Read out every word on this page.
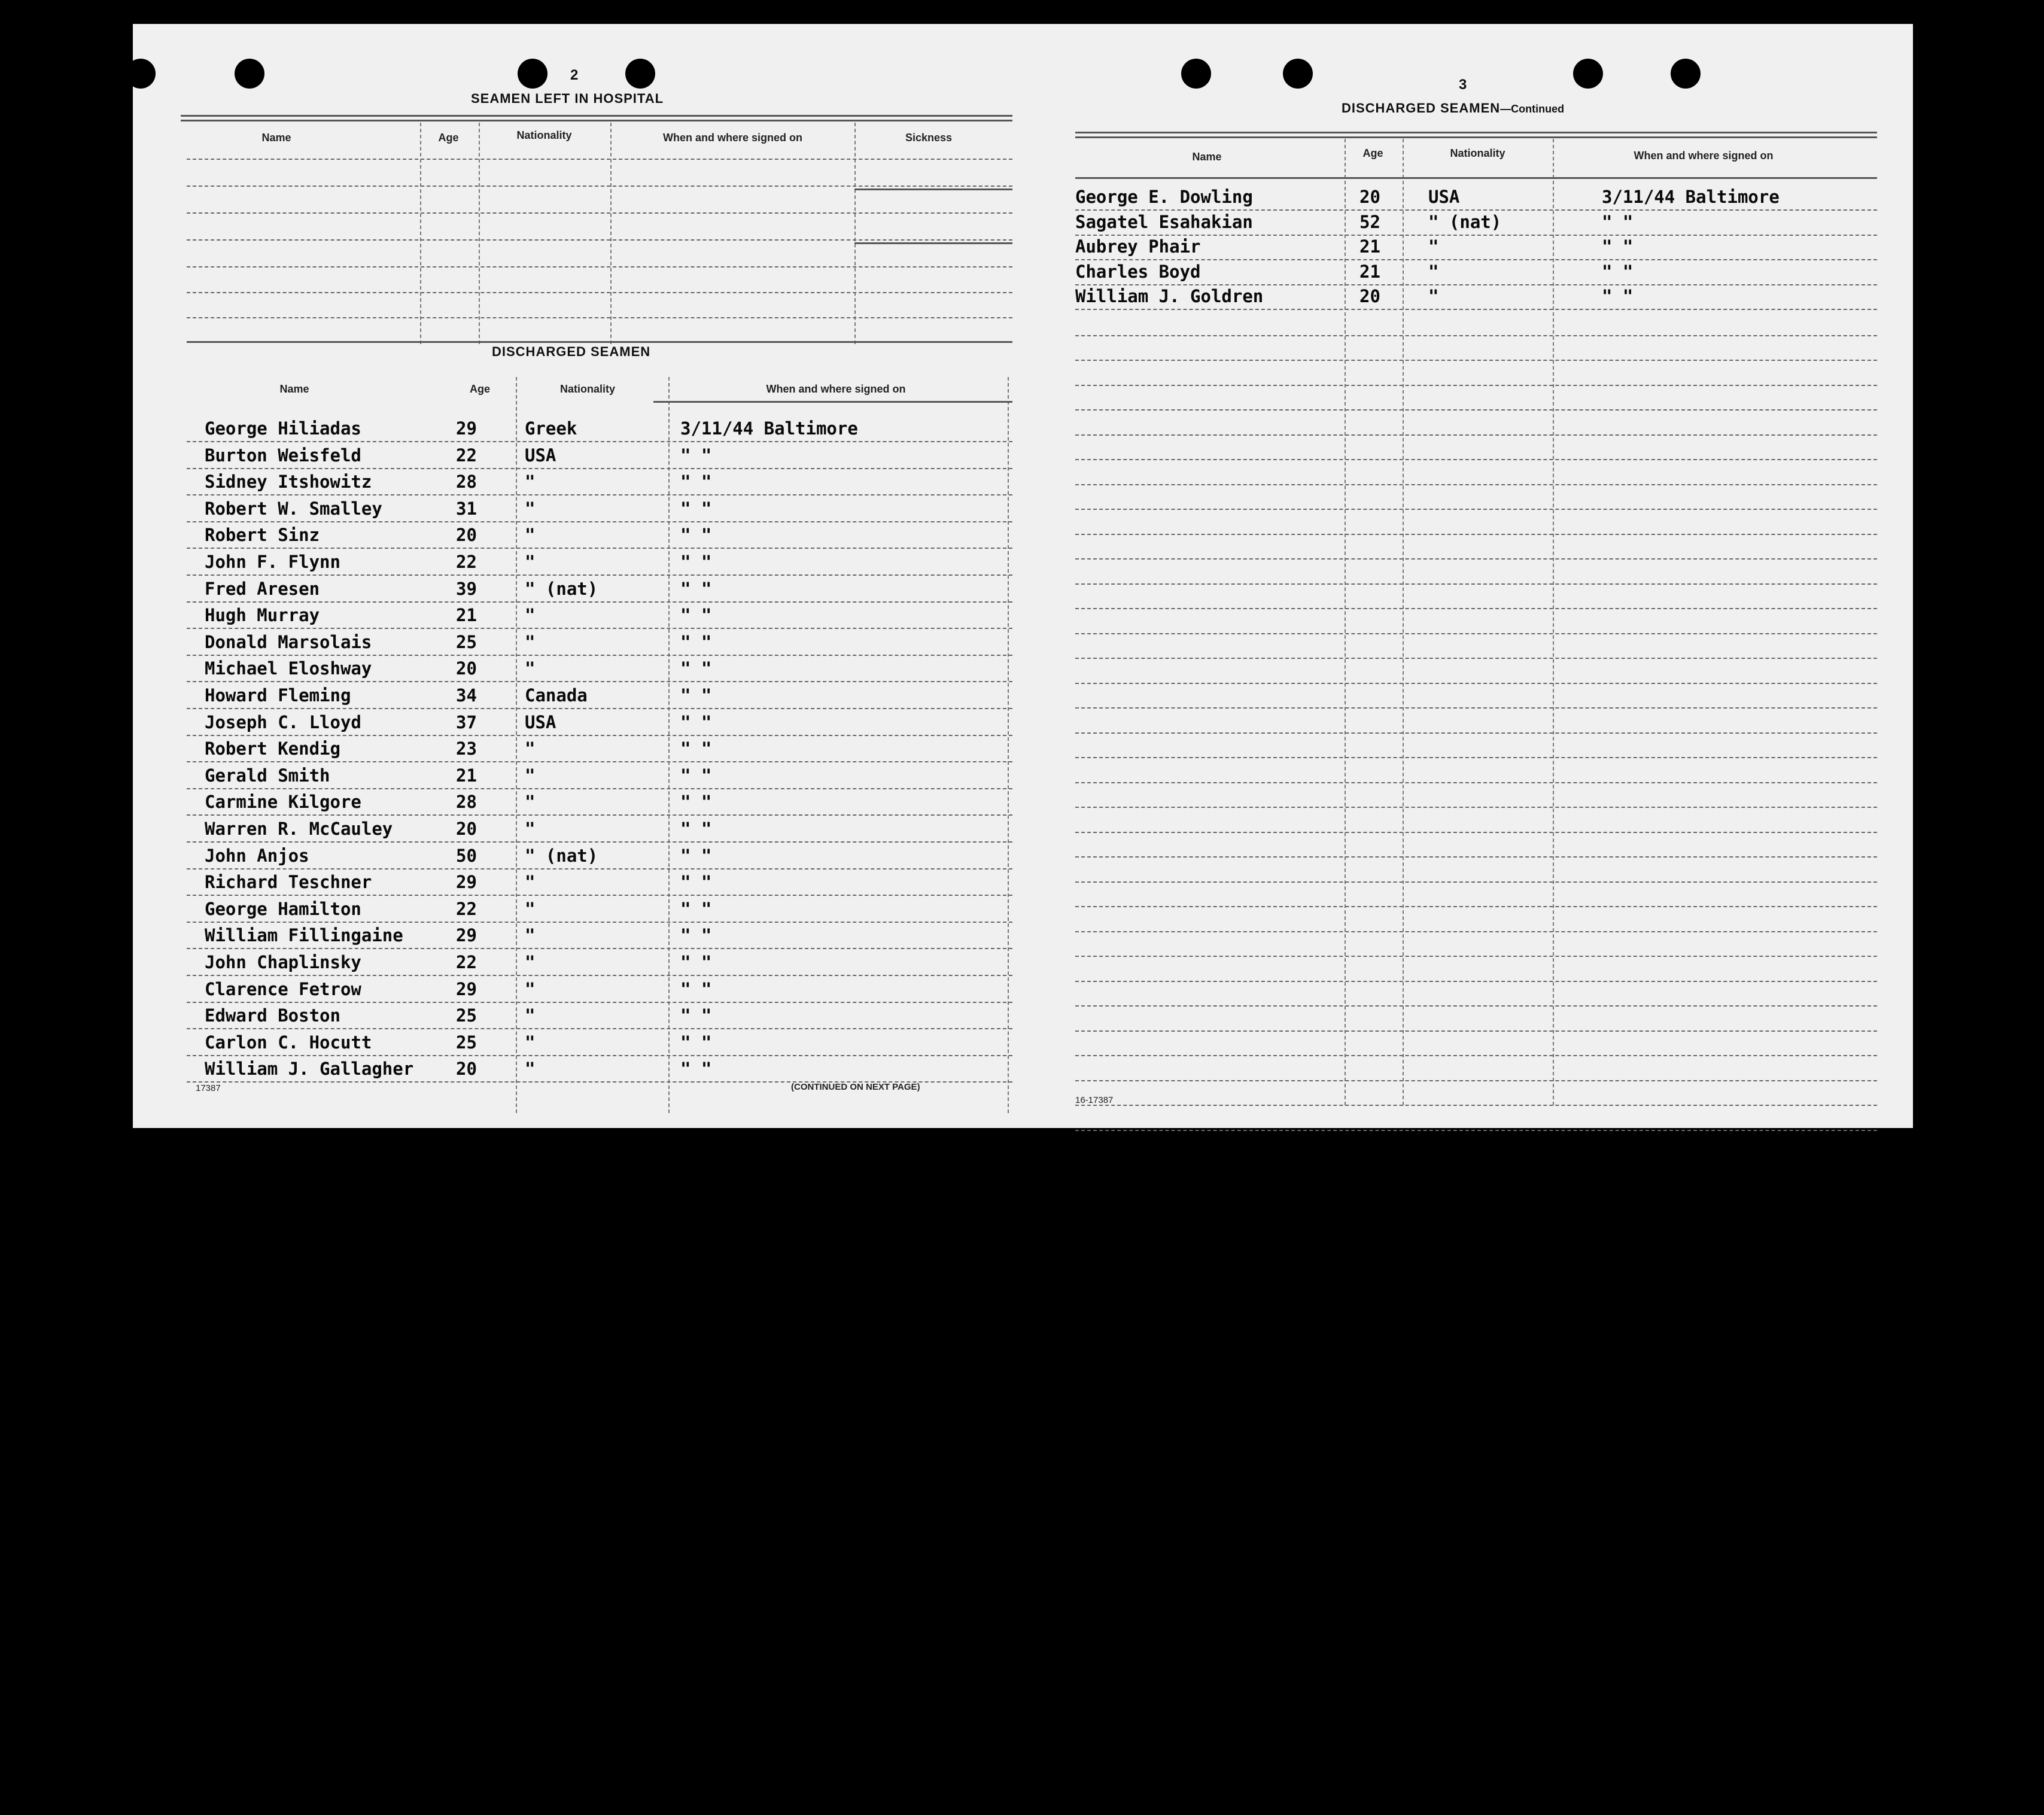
2
SEAMEN LEFT IN HOSPITAL
Name	Age	Nationality	When and where signed on	Sickness
DISCHARGED SEAMEN
Name	Age	Nationality	When and where signed on
George Hiliadas	29	Greek	3/11/44 Baltimore
Burton Weisfeld	22	USA	" "
Sidney Itshowitz	28	"	" "
Robert W. Smalley	31	"	" "
Robert Sinz	20	"	" "
John F. Flynn	22	"	" "
Fred Aresen	39	" (nat)	" "
Hugh Murray	21	"	" "
Donald Marsolais	25	"	" "
Michael Eloshway	20	"	" "
Howard Fleming	34	Canada	" "
Joseph C. Lloyd	37	USA	" "
Robert Kendig	23	"	" "
Gerald Smith	21	"	" "
Carmine Kilgore	28	"	" "
Warren R. McCauley	20	"	" "
John Anjos	50	" (nat)	" "
Richard Teschner	29	"	" "
George Hamilton	22	"	" "
William Fillingaine	29	"	" "
John Chaplinsky	22	"	" "
Clarence Fetrow	29	"	" "
Edward Boston	25	"	" "
Carlon C. Hocutt	25	"	" "
William J. Gallagher 20	"	" "
17387	(CONTINUED ON NEXT PAGE)
3
DISCHARGED SEAMEN—Continued
Name	Age	Nationality	When and where signed on
George E. Dowling	20	USA	3/11/44 Baltimore
Sagatel Esahakian	52	" (nat)	" "
Aubrey Phair	21	"	" "
Charles Boyd	21	"	" "
William J. Goldren	20	"	" "
16-17387
